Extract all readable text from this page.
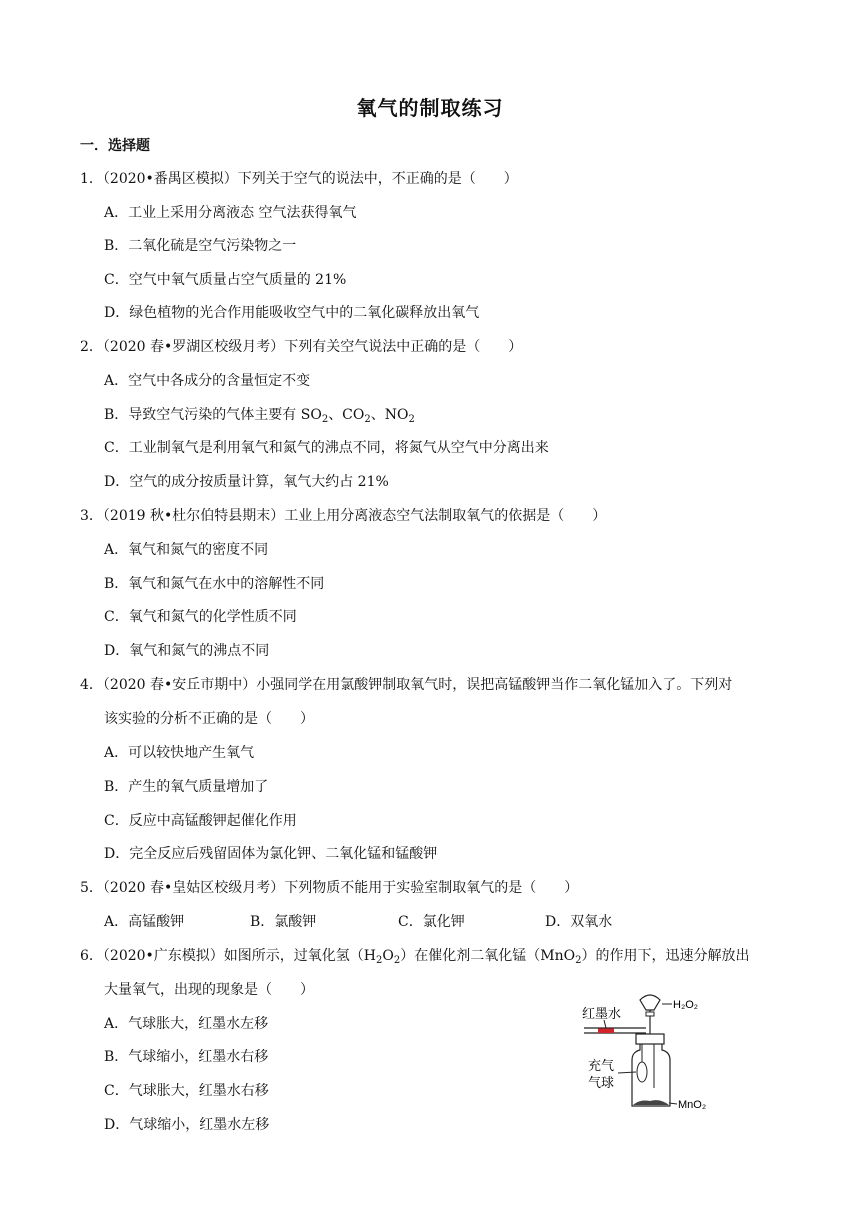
氧气的制取练习
一．选择题
1．（2020•番禺区模拟）下列关于空气的说法中，不正确的是（　　）
A．工业上采用分离液态 空气法获得氧气
B．二氧化硫是空气污染物之一
C．空气中氧气质量占空气质量的 21%
D．绿色植物的光合作用能吸收空气中的二氧化碳释放出氧气
2．（2020 春•罗湖区校级月考）下列有关空气说法中正确的是（　　）
A．空气中各成分的含量恒定不变
B．导致空气污染的气体主要有 $SO_2$、$CO_2$、$NO_2$
C．工业制氧气是利用氧气和氮气的沸点不同，将氮气从空气中分离出来
D．空气的成分按质量计算，氧气大约占 21%
3．（2019 秋•杜尔伯特县期末）工业上用分离液态空气法制取氧气的依据是（　　）
A．氧气和氮气的密度不同
B．氧气和氮气在水中的溶解性不同
C．氧气和氮气的化学性质不同
D．氧气和氮气的沸点不同
4．（2020 春•安丘市期中）小强同学在用氯酸钾制取氧气时，误把高锰酸钾当作二氧化锰加入了。下列对
该实验的分析不正确的是（　　）
A．可以较快地产生氧气
B．产生的氧气质量增加了
C．反应中高锰酸钾起催化作用
D．完全反应后残留固体为氯化钾、二氧化锰和锰酸钾
5．（2020 春•皇姑区校级月考）下列物质不能用于实验室制取氧气的是（　　）
A．高锰酸钾	B．氯酸钾	C．氯化钾	D．双氧水
6．（2020•广东模拟）如图所示，过氧化氢$(H_2O_2)$在催化剂二氧化锰（MnO$_2$）的作用下，迅速分解放出
大量氧气，出现的现象是（　　）
A．气球胀大，红墨水左移
B．气球缩小，红墨水右移
C．气球胀大，红墨水右移
D．气球缩小，红墨水左移
H₂O₂
红墨水
MnO₂
充气
气球
